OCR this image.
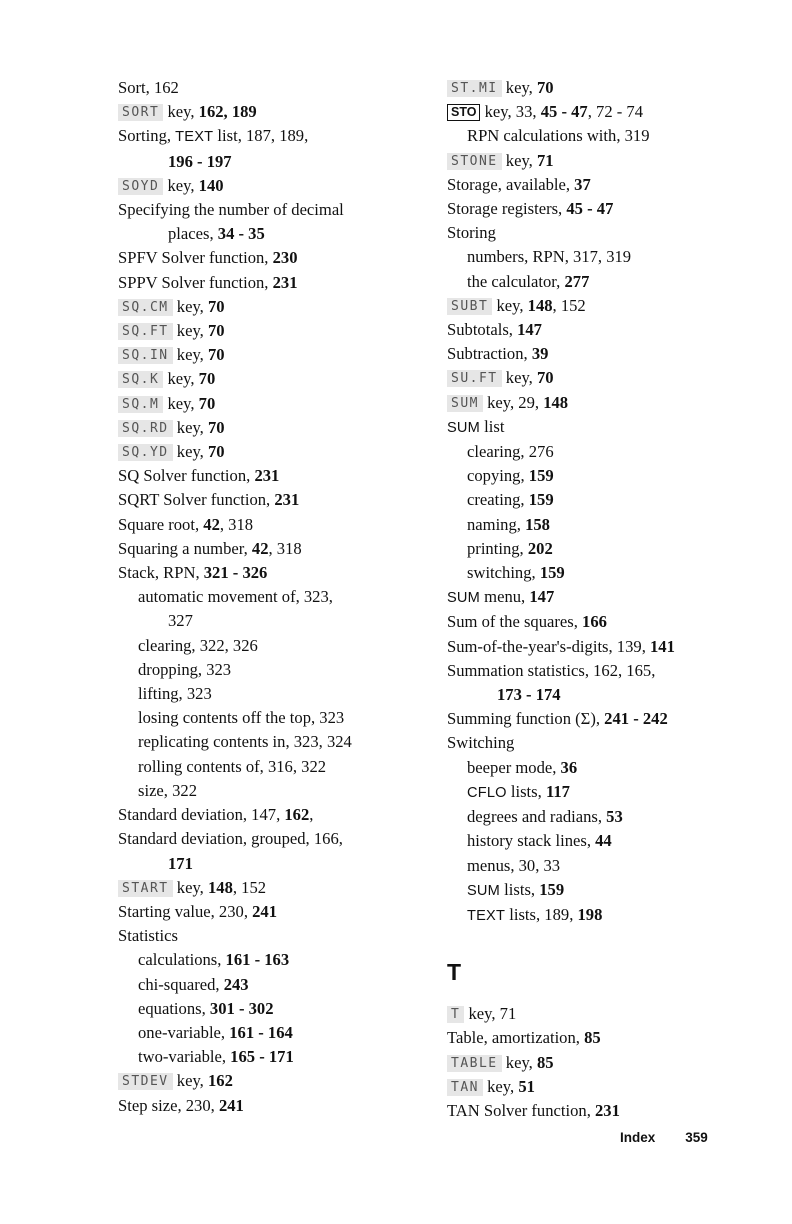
Sort, 162
SORT key, 162, 189
Sorting, TEXT list, 187, 189,
196 - 197
SOYD key, 140
Specifying the number of decimal
places, 34 - 35
SPFV Solver function, 230
SPPV Solver function, 231
SQ.CM key, 70
SQ.FT key, 70
SQ.IN key, 70
SQ.K key, 70
SQ.M key, 70
SQ.RD key, 70
SQ.YD key, 70
SQ Solver function, 231
SQRT Solver function, 231
Square root, 42, 318
Squaring a number, 42, 318
Stack, RPN, 321 - 326
automatic movement of, 323,
327
clearing, 322, 326
dropping, 323
lifting, 323
losing contents off the top, 323
replicating contents in, 323, 324
rolling contents of, 316, 322
size, 322
Standard deviation, 147, 162,
Standard deviation, grouped, 166,
171
START key, 148, 152
Starting value, 230, 241
Statistics
calculations, 161 - 163
chi-squared, 243
equations, 301 - 302
one-variable, 161 - 164
two-variable, 165 - 171
STDEV key, 162
Step size, 230, 241
ST.MI key, 70
STO key, 33, 45 - 47, 72 - 74
RPN calculations with, 319
STONE key, 71
Storage, available, 37
Storage registers, 45 - 47
Storing
numbers, RPN, 317, 319
the calculator, 277
SUBT key, 148, 152
Subtotals, 147
Subtraction, 39
SU.FT key, 70
SUM key, 29, 148
SUM list
clearing, 276
copying, 159
creating, 159
naming, 158
printing, 202
switching, 159
SUM menu, 147
Sum of the squares, 166
Sum-of-the-year's-digits, 139, 141
Summation statistics, 162, 165,
173 - 174
Summing function (Σ), 241 - 242
Switching
beeper mode, 36
CFLO lists, 117
degrees and radians, 53
history stack lines, 44
menus, 30, 33
SUM lists, 159
TEXT lists, 189, 198
T
T key, 71
Table, amortization, 85
TABLE key, 85
TAN key, 51
TAN Solver function, 231
Index 359
